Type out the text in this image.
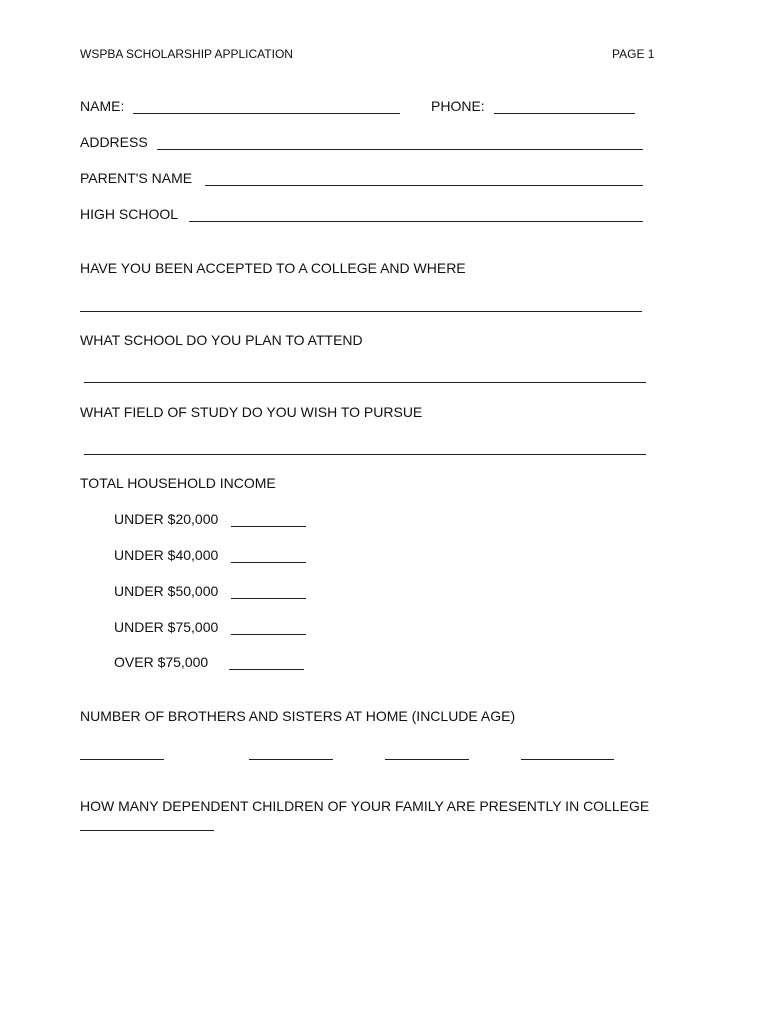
WSPBA SCHOLARSHIP APPLICATION	PAGE 1
NAME:	PHONE:
ADDRESS
PARENT'S NAME
HIGH SCHOOL
HAVE YOU BEEN ACCEPTED TO A COLLEGE AND WHERE
WHAT SCHOOL DO YOU PLAN TO ATTEND
WHAT FIELD OF STUDY DO YOU WISH TO PURSUE
TOTAL HOUSEHOLD INCOME
UNDER $20,000
UNDER $40,000
UNDER $50,000
UNDER $75,000
OVER $75,000
NUMBER OF BROTHERS AND SISTERS AT HOME (INCLUDE AGE)
HOW MANY DEPENDENT CHILDREN OF YOUR FAMILY ARE PRESENTLY IN COLLEGE
